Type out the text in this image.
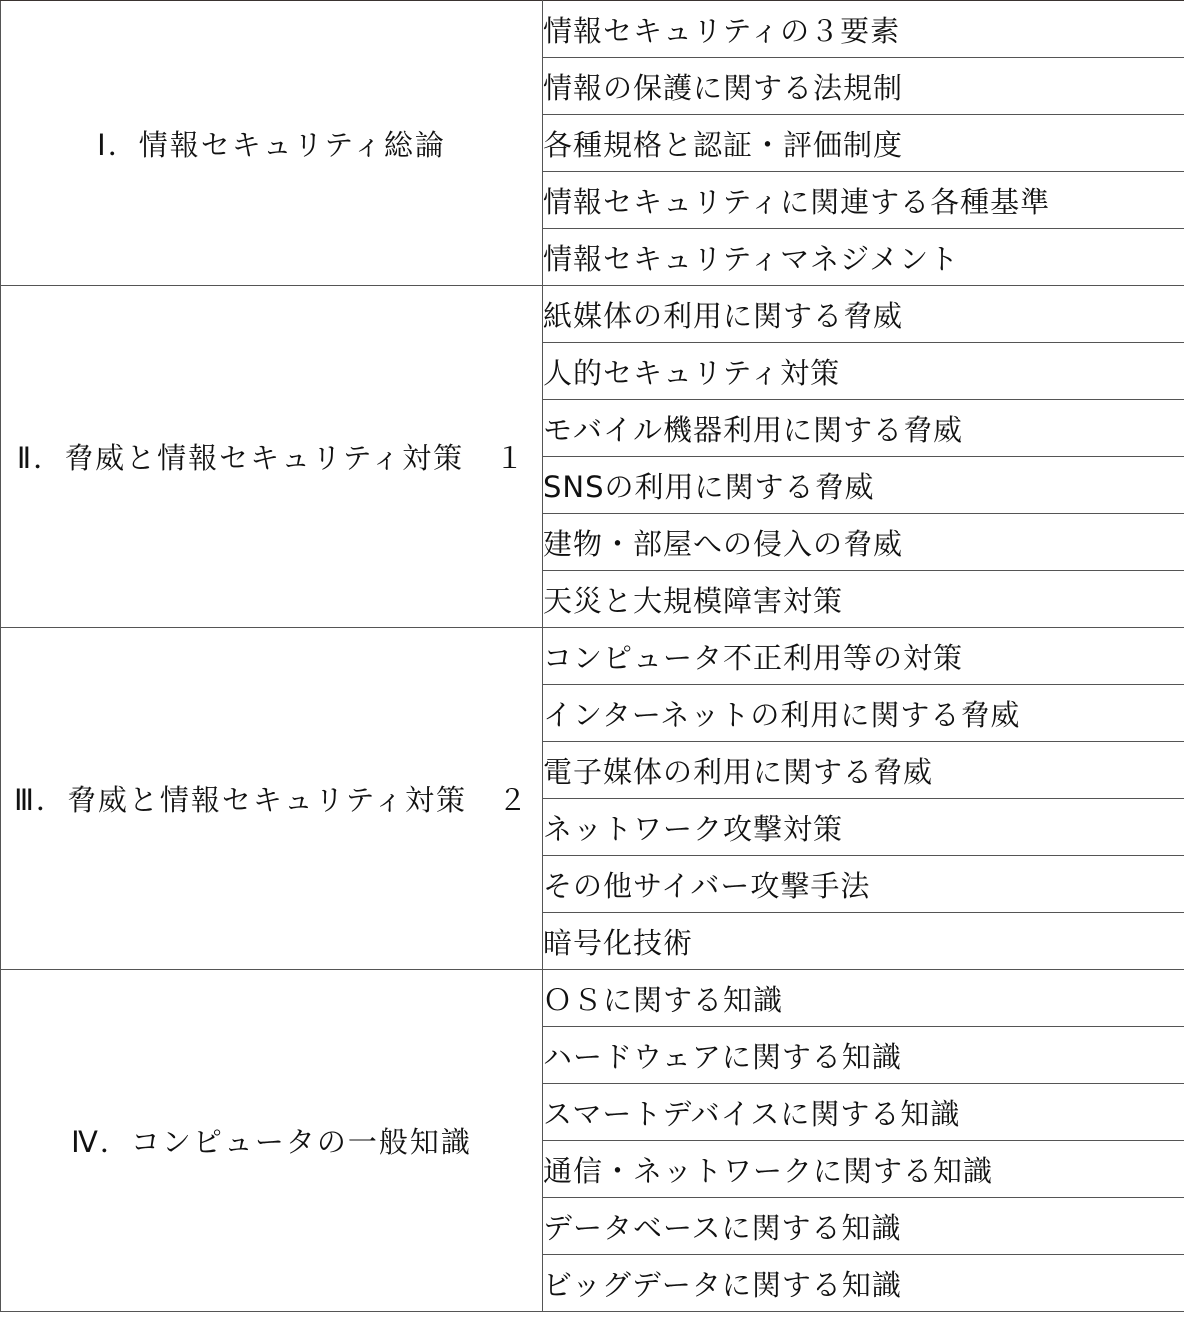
Ⅰ．情報セキュリティ総論	情報セキュリティの３要素
	情報の保護に関する法規制
	各種規格と認証・評価制度
	情報セキュリティに関連する各種基準
	情報セキュリティマネジメント
Ⅱ．脅威と情報セキュリティ対策　１	紙媒体の利用に関する脅威
	人的セキュリティ対策
	モバイル機器利用に関する脅威
	SNSの利用に関する脅威
	建物・部屋への侵入の脅威
	天災と大規模障害対策
Ⅲ．脅威と情報セキュリティ対策　２	コンピュータ不正利用等の対策
	インターネットの利用に関する脅威
	電子媒体の利用に関する脅威
	ネットワーク攻撃対策
	その他サイバー攻撃手法
	暗号化技術
Ⅳ．コンピュータの一般知識	ＯＳに関する知識
	ハードウェアに関する知識
	スマートデバイスに関する知識
	通信・ネットワークに関する知識
	データベースに関する知識
	ビッグデータに関する知識
